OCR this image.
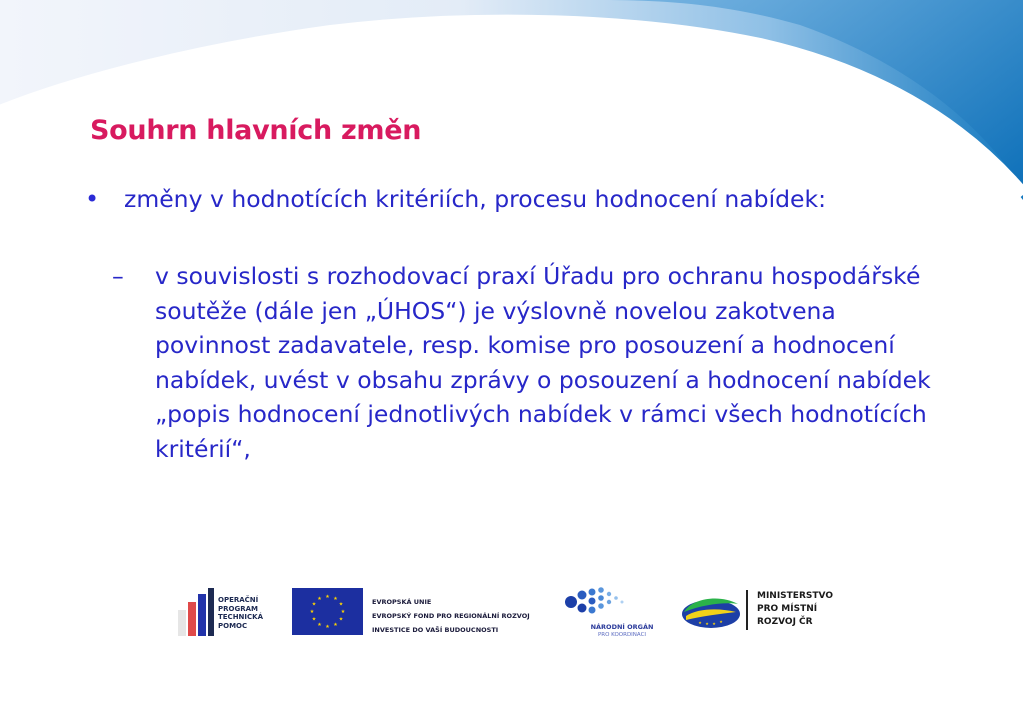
Souhrn hlavních změn
• změny v hodnotících kritériích, procesu hodnocení nabídek:
– v souvislosti s rozhodovací praxí Úřadu pro ochranu hospodářské soutěže (dále jen „ÚHOS“) je výslovně novelou zakotvena povinnost zadavatele, resp. komise pro posouzení a hodnocení nabídek, uvést v obsahu zprávy o posouzení a hodnocení nabídek „popis hodnocení jednotlivých nabídek v rámci všech hodnotících kritérií“,
OPERAČNÍ
PROGRAM
TECHNICKÁ
POMOC
★ ★
★
★
★
★
★
★
★
★
★
★	EVROPSKÁ UNIE
EVROPSKÝ FOND PRO REGIONÁLNÍ ROZVOJ
INVESTICE DO VAŠÍ BUDOUCNOSTI	NÁRODNÍ ORGÁN
PRO KOORDINACI
★ ★ ★ ★
MINISTERSTVO
PRO MÍSTNÍ
ROZVOJ ČR
